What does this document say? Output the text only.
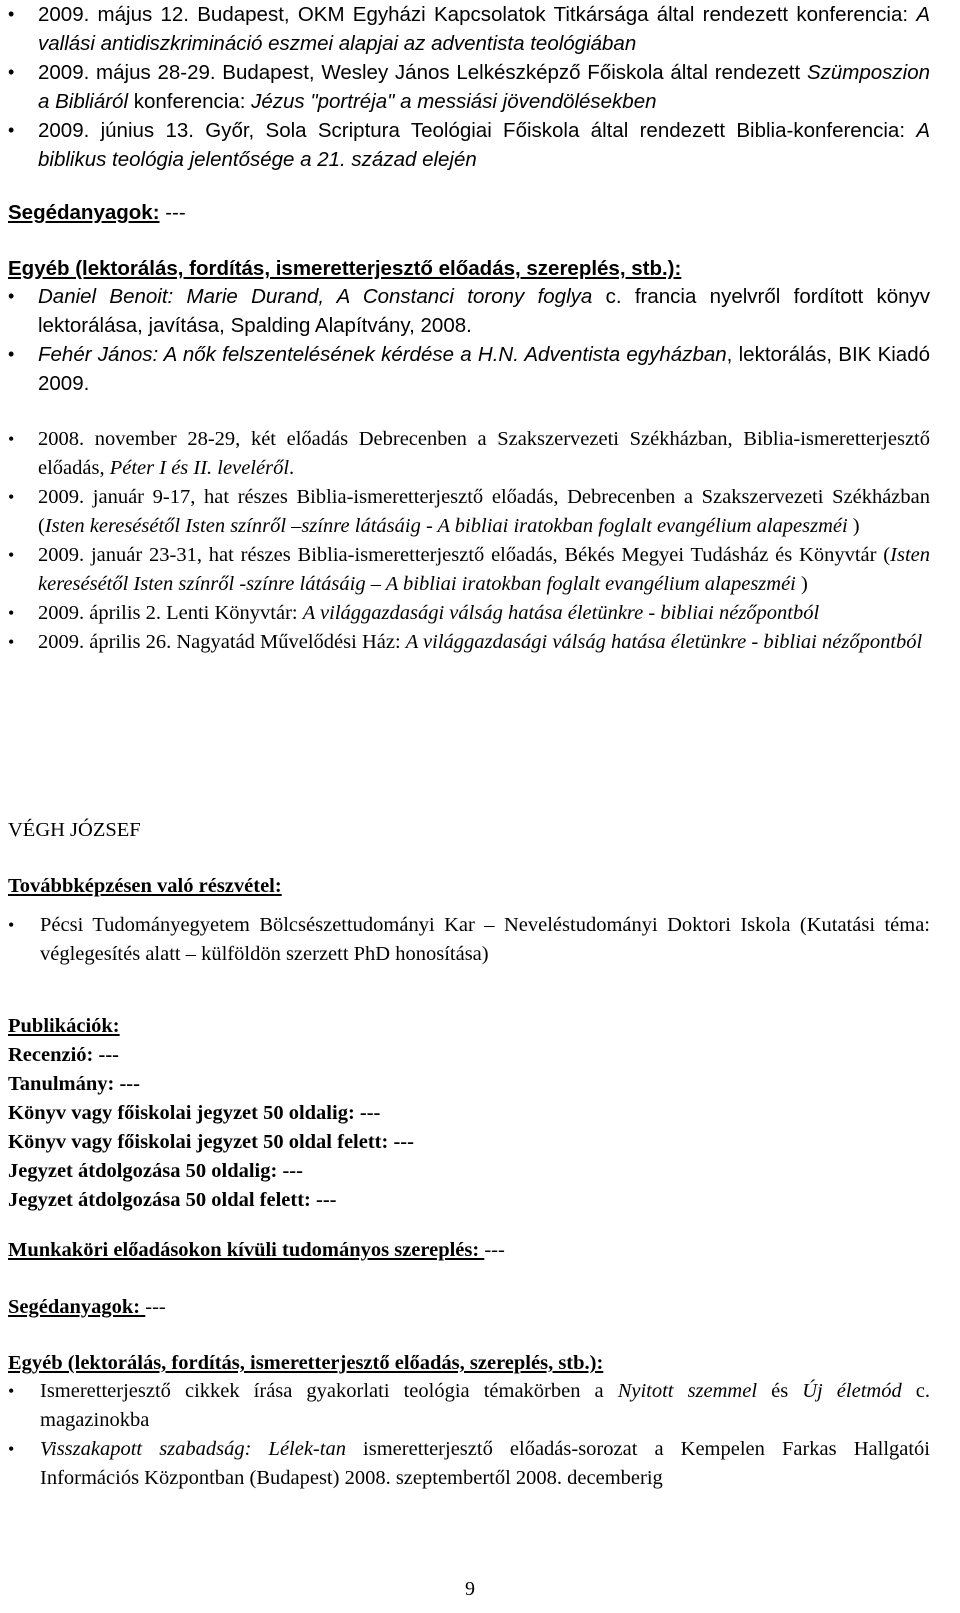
• 2009. május 12. Budapest, OKM Egyházi Kapcsolatok Titkársága által rendezett konferencia: A vallási antidiszkrimináció eszmei alapjai az adventista teológiában
• 2009. május 28-29. Budapest, Wesley János Lelkészképző Főiskola által rendezett Szümposzion a Bibliáról konferencia: Jézus "portréja" a messiási jövendölésekben
• 2009. június 13. Győr, Sola Scriptura Teológiai Főiskola által rendezett Biblia-konferencia: A biblikus teológia jelentősége a 21. század elején
Segédanyagok: ---
Egyéb (lektorálás, fordítás, ismeretterjesztő előadás, szereplés, stb.):
• Daniel Benoit: Marie Durand, A Constanci torony foglya c. francia nyelvről fordított könyv lektorálása, javítása, Spalding Alapítvány, 2008.
• Fehér János: A nők felszentelésének kérdése a H.N. Adventista egyházban, lektorálás, BIK Kiadó 2009.
• 2008. november 28-29, két előadás Debrecenben a Szakszervezeti Székházban, Biblia-ismeretterjesztő előadás, Péter I és II. leveléről.
• 2009. január 9-17, hat részes Biblia-ismeretterjesztő előadás, Debrecenben a Szakszervezeti Székházban (Isten keresésétől Isten színről –színre látásáig - A bibliai iratokban foglalt evangélium alapeszméi )
• 2009. január 23-31, hat részes Biblia-ismeretterjesztő előadás, Békés Megyei Tudásház és Könyvtár (Isten keresésétől Isten színről -színre látásáig – A bibliai iratokban foglalt evangélium alapeszméi )
• 2009. április 2. Lenti Könyvtár: A világgazdasági válság hatása életünkre - bibliai nézőpontból
• 2009. április 26. Nagyatád Művelődési Ház: A világgazdasági válság hatása életünkre - bibliai nézőpontból
VÉGH JÓZSEF
Továbbképzésen való részvétel:
• Pécsi Tudományegyetem Bölcsészettudományi Kar – Neveléstudományi Doktori Iskola (Kutatási téma: véglegesítés alatt – külföldön szerzett PhD honosítása)
Publikációk:
Recenzió: ---
Tanulmány: ---
Könyv vagy főiskolai jegyzet 50 oldalig: ---
Könyv vagy főiskolai jegyzet 50 oldal felett: ---
Jegyzet átdolgozása 50 oldalig: ---
Jegyzet átdolgozása 50 oldal felett: ---
Munkaköri előadásokon kívüli tudományos szereplés: ---
Segédanyagok: ---
Egyéb (lektorálás, fordítás, ismeretterjesztő előadás, szereplés, stb.):
• Ismeretterjesztő cikkek írása gyakorlati teológia témakörben a Nyitott szemmel és Új életmód c. magazinokba
• Visszakapott szabadság: Lélek-tan ismeretterjesztő előadás-sorozat a Kempelen Farkas Hallgatói Információs Központban (Budapest) 2008. szeptembertől 2008. decemberig
9
